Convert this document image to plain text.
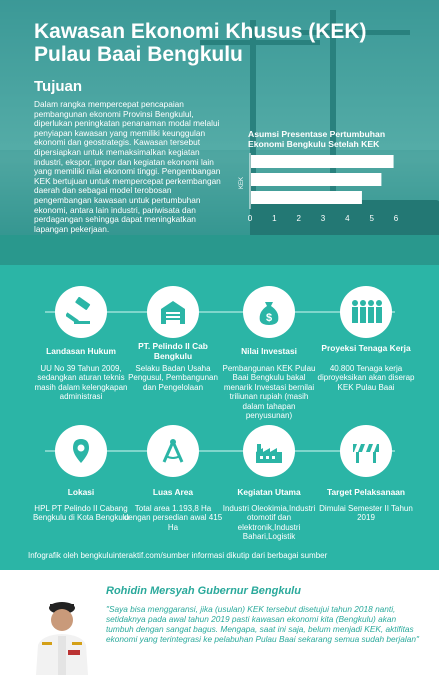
Kawasan Ekonomi Khusus (KEK) Pulau Baai Bengkulu
Tujuan
Dalam rangka mempercepat pencapaian pembangunan ekonomi Provinsi Bengkulul, diperlukan peningkatan penanaman modal melalui penyiapan kawasan yang memiliki keunggulan ekonomi dan geostrategis. Kawasan tersebut dipersiapkan untuk memaksimalkan kegiatan industri, ekspor, impor dan kegiatan ekonomi lain yang memiliki nilai ekonomi tinggi. Pengembangan KEK bertujuan untuk mempercepat perkembangan daerah dan sebagai model terobosan pengembangan kawasan untuk pertumbuhan ekonomi, antara lain industri, pariwisata dan perdagangan sehingga dapat meningkatkan lapangan pekerjaan.
Asumsi Presentase Pertumbuhan Ekonomi Bengkulu Setelah KEK
KEK
0 1 2 3 4 5 6
$
Landasan Hukum
UU No 39 Tahun 2009, sedangkan aturan teknis masih dalam kelengkapan administrasi
PT. Pelindo II Cab Bengkulu
Selaku Badan Usaha Pengusul, Pembangunan dan Pengelolaan
Nilai Investasi
Pembangunan KEK Pulau Baai Bengkulu bakal menarik Investasi bernilai triliunan rupiah (masih dalam tahapan penyusunan)
Proyeksi Tenaga Kerja
40.800 Tenaga kerja diproyeksikan akan diserap KEK Pulau Baai
Lokasi
HPL PT Pelindo II Cabang Bengkulu di Kota Bengkulu
Luas Area
Total area 1.193,8 Ha dengan persedian awal 415 Ha
Kegiatan Utama
Industri Oleokimia,Industri otomotif dan elektronik,Industri Bahari,Logistik
Target Pelaksanaan
Dimulai Semester II Tahun 2019
Infografik oleh bengkuluinteraktif.com/sumber informasi dikutip dari berbagai sumber
Rohidin Mersyah Gubernur Bengkulu
"Saya bisa menggaransi, jika (usulan) KEK tersebut disetujui tahun 2018 nanti, setidaknya pada awal tahun 2019 pasti kawasan ekonomi kita (Bengkulu) akan tumbuh dengan sangat bagus. Mengapa, saat ini saja, belum menjadi KEK, aktifitas ekonomi yang terintegrasi ke pelabuhan Pulau Baai sekarang semua sudah berjalan"
